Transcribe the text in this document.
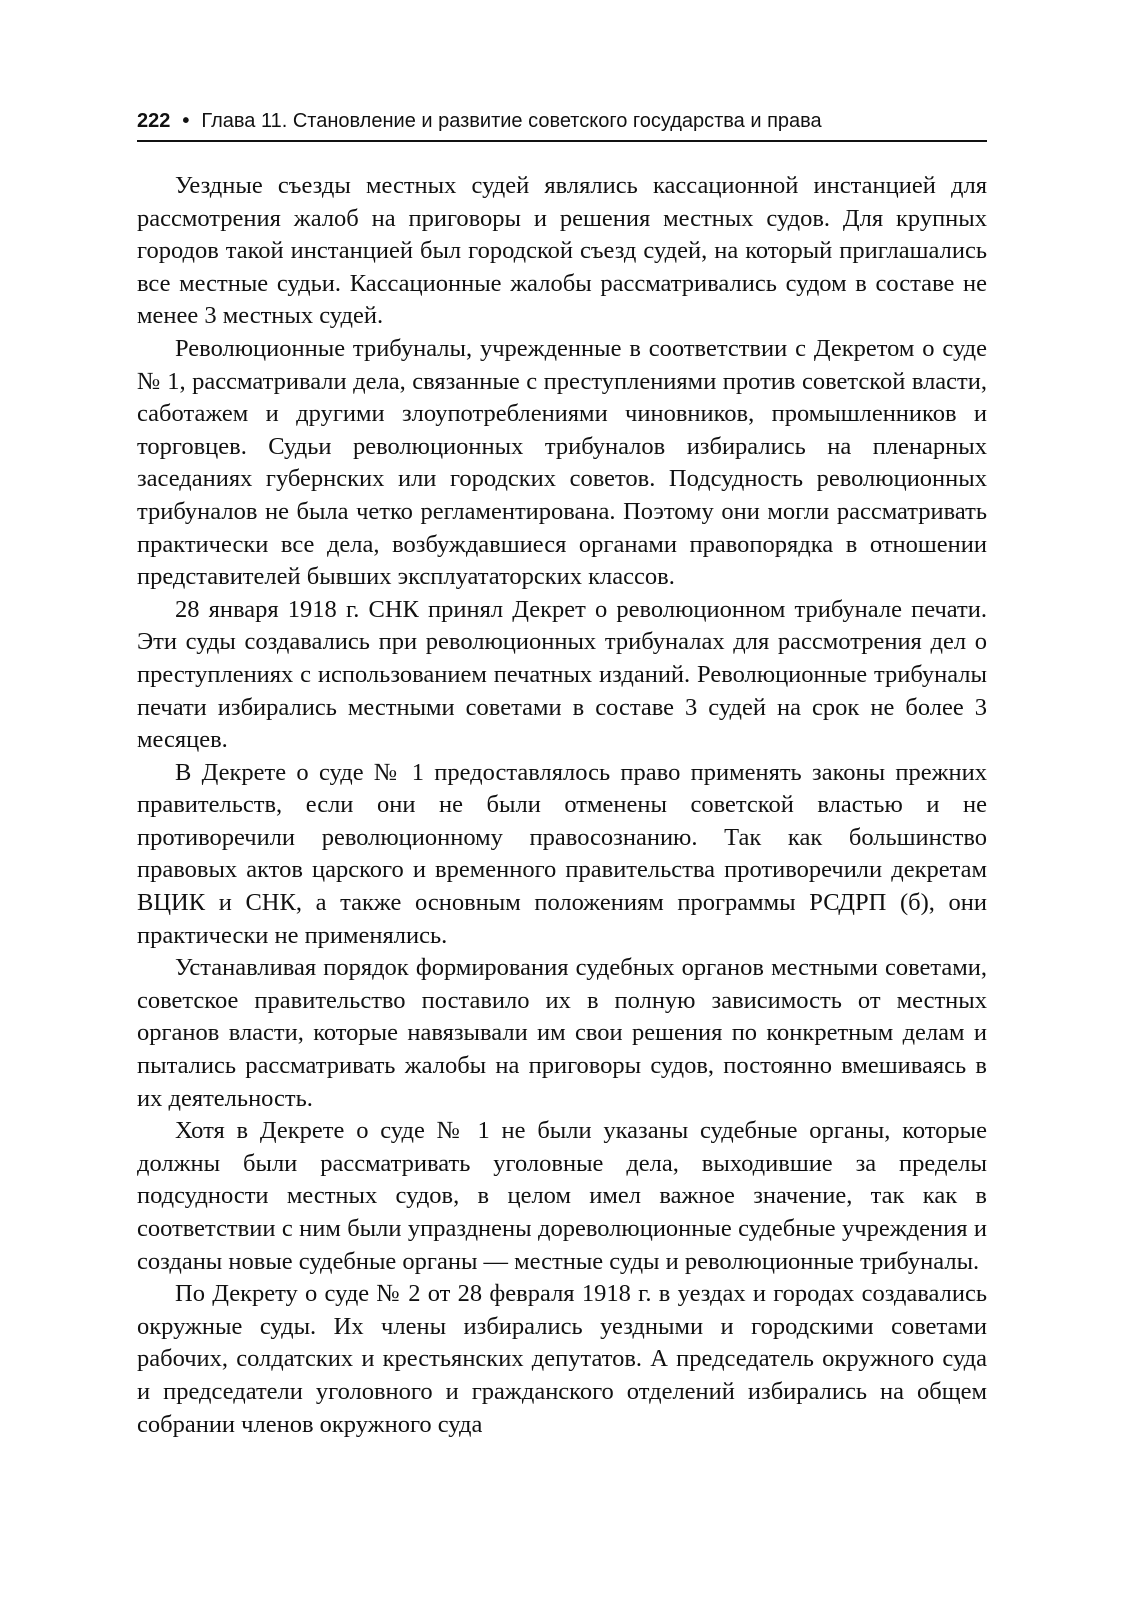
222 • Глава 11. Становление и развитие советского государства и права

Уездные съезды местных судей являлись кассационной инстанцией для рассмотрения жалоб на приговоры и решения местных судов. Для крупных городов такой инстанцией был городской съезд судей, на который приглашались все местные судьи. Кассационные жалобы рассматривались судом в составе не менее 3 местных судей.

Революционные трибуналы, учрежденные в соответствии с Декретом о суде № 1, рассматривали дела, связанные с преступлениями против советской власти, саботажем и другими злоупотреблениями чиновников, промышленников и торговцев. Судьи революционных трибуналов избирались на пленарных заседаниях губернских или городских советов. Подсудность революционных трибуналов не была четко регламентирована. Поэтому они могли рассматривать практически все дела, возбуждавшиеся органами правопорядка в отношении представителей бывших эксплуататорских классов.

28 января 1918 г. СНК принял Декрет о революционном трибунале печати. Эти суды создавались при революционных трибуналах для рассмотрения дел о преступлениях с использованием печатных изданий. Революционные трибуналы печати избирались местными советами в составе 3 судей на срок не более 3 месяцев.

В Декрете о суде № 1 предоставлялось право применять законы прежних правительств, если они не были отменены советской властью и не противоречили революционному правосознанию. Так как большинство правовых актов царского и временного правительства противоречили декретам ВЦИК и СНК, а также основным положениям программы РСДРП (б), они практически не применялись.

Устанавливая порядок формирования судебных органов местными советами, советское правительство поставило их в полную зависимость от местных органов власти, которые навязывали им свои решения по конкретным делам и пытались рассматривать жалобы на приговоры судов, постоянно вмешиваясь в их деятельность.

Хотя в Декрете о суде № 1 не были указаны судебные органы, которые должны были рассматривать уголовные дела, выходившие за пределы подсудности местных судов, в целом имел важное значение, так как в соответствии с ним были упразднены дореволюционные судебные учреждения и созданы новые судебные органы — местные суды и революционные трибуналы.

По Декрету о суде № 2 от 28 февраля 1918 г. в уездах и городах создавались окружные суды. Их члены избирались уездными и городскими советами рабочих, солдатских и крестьянских депутатов. А председатель окружного суда и председатели уголовного и гражданского отделений избирались на общем собрании членов окружного суда
